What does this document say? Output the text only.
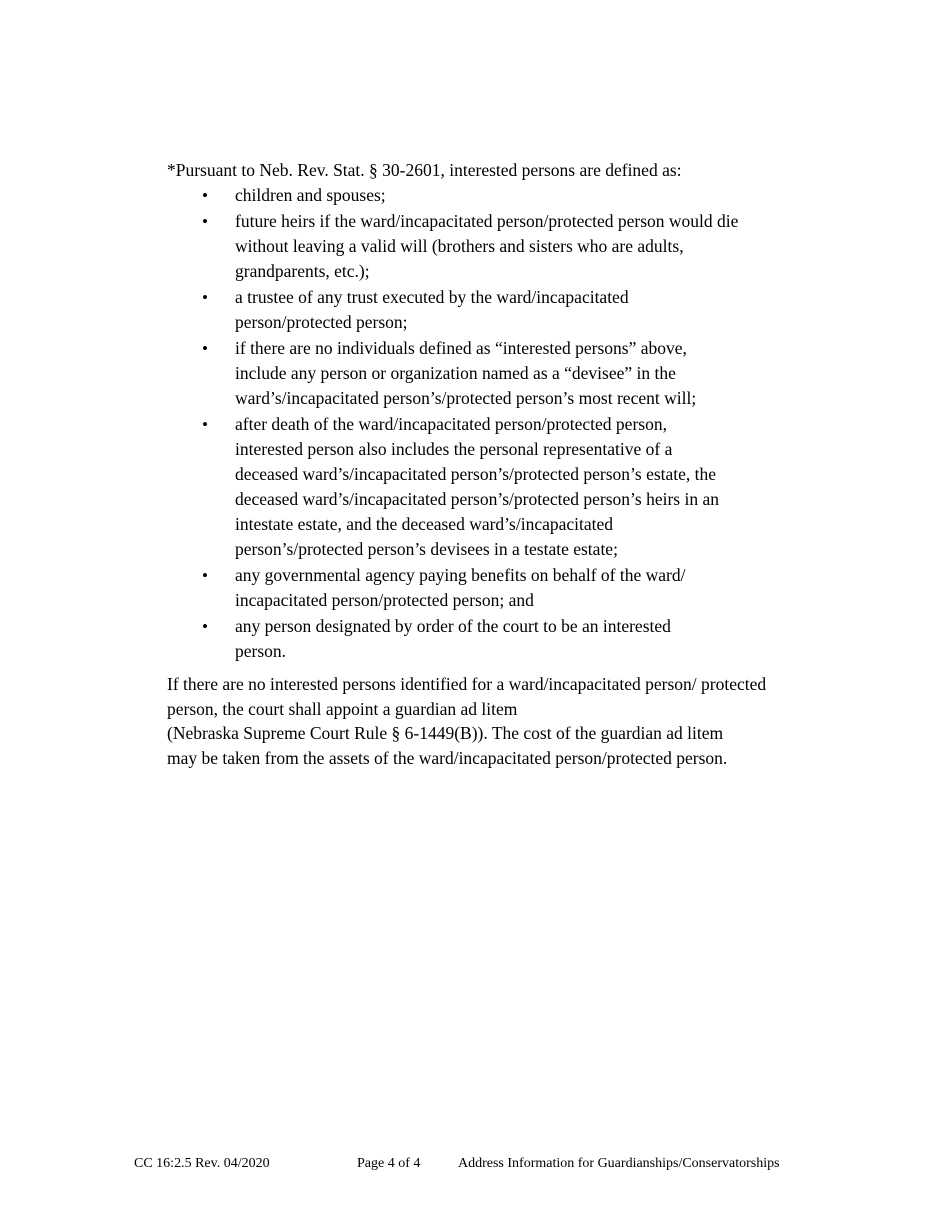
*Pursuant to Neb. Rev. Stat. § 30-2601, interested persons are defined as:
• children and spouses;
• future heirs if the ward/incapacitated person/protected person would die
without leaving a valid will (brothers and sisters who are adults,
grandparents, etc.);
• a trustee of any trust executed by the ward/incapacitated
person/protected person;
• if there are no individuals defined as “interested persons” above,
include any person or organization named as a “devisee” in the
ward’s/incapacitated person’s/protected person’s most recent will;
• after death of the ward/incapacitated person/protected person,
interested person also includes the personal representative of a
deceased ward’s/incapacitated person’s/protected person’s estate, the
deceased ward’s/incapacitated person’s/protected person’s heirs in an
intestate estate, and the deceased ward’s/incapacitated
person’s/protected person’s devisees in a testate estate;
• any governmental agency paying benefits on behalf of the ward/
incapacitated person/protected person; and
• any person designated by order of the court to be an interested
person.
If there are no interested persons identified for a ward/incapacitated person/ protected
person, the court shall appoint a guardian ad litem
(Nebraska Supreme Court Rule § 6-1449(B)). The cost of the guardian ad litem
may be taken from the assets of the ward/incapacitated person/protected person.
CC 16:2.5 Rev. 04/2020	Page 4 of 4	Address Information for Guardianships/Conservatorships
